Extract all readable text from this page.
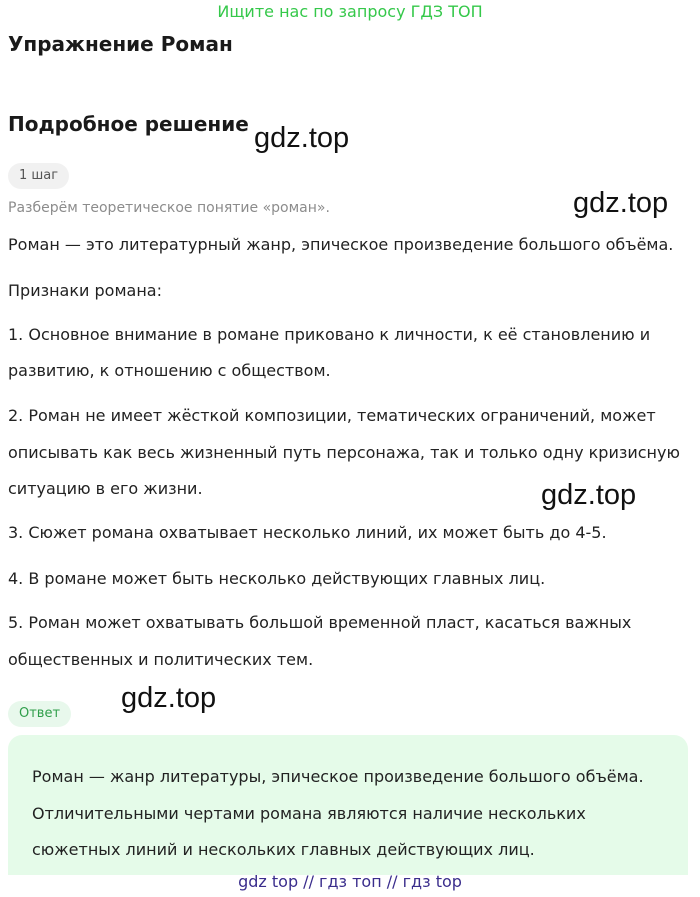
Ищите нас по запросу ГДЗ ТОП
Упражнение Роман
Подробное решение
1 шаг
Разберём теоретическое понятие «роман».
Роман — это литературный жанр, эпическое произведение большого объёма.
Признаки романа:
1. Основное внимание в романе приковано к личности, к её становлению и
развитию, к отношению с обществом.
2. Роман не имеет жёсткой композиции, тематических ограничений, может
описывать как весь жизненный путь персонажа, так и только одну кризисную
ситуацию в его жизни.
3. Сюжет романа охватывает несколько линий, их может быть до 4-5.
4. В романе может быть несколько действующих главных лиц.
5. Роман может охватывать большой временной пласт, касаться важных
общественных и политических тем.
Ответ
Роман — жанр литературы, эпическое произведение большого объёма.
Отличительными чертами романа являются наличие нескольких
сюжетных линий и нескольких главных действующих лиц.
gdz.top
gdz.top
gdz.top
gdz.top
gdz top // гдз топ // гдз top
